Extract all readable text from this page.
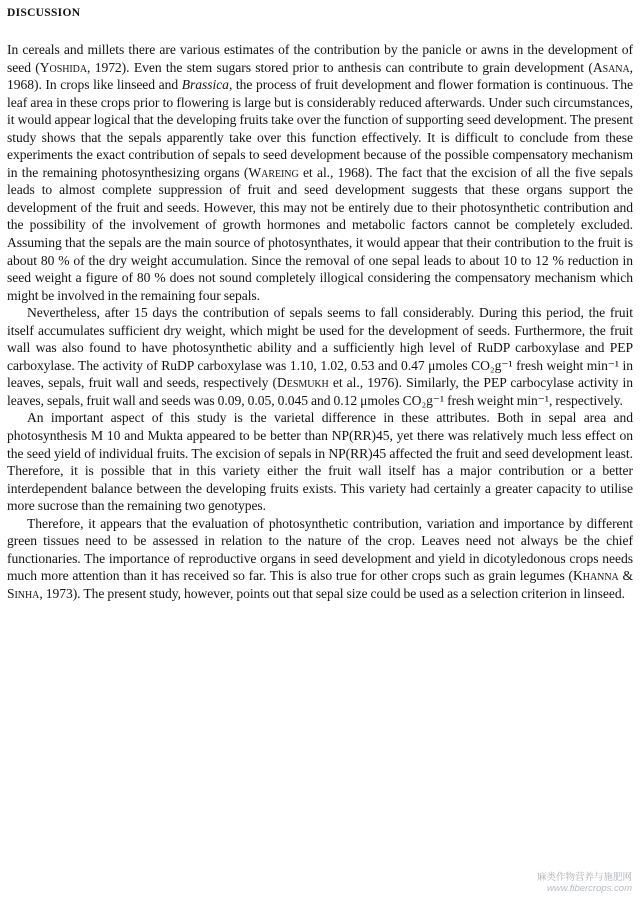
DISCUSSION

In cereals and millets there are various estimates of the contribution by the panicle or awns in the development of seed (Yoshida, 1972). Even the stem sugars stored prior to anthesis can contribute to grain development (Asana, 1968). In crops like linseed and Brassica, the process of fruit development and flower formation is continuous. The leaf area in these crops prior to flowering is large but is considerably reduced afterwards. Under such circumstances, it would appear logical that the developing fruits take over the function of supporting seed development. The present study shows that the sepals apparently take over this function effectively. It is difficult to conclude from these experiments the exact contribution of sepals to seed development because of the possible compensatory mechanism in the remaining photosynthesizing organs (Wareing et al., 1968). The fact that the excision of all the five sepals leads to almost complete suppression of fruit and seed development suggests that these organs support the development of the fruit and seeds. However, this may not be entirely due to their photosynthetic contribution and the possibility of the involvement of growth hormones and metabolic factors cannot be completely excluded. Assuming that the sepals are the main source of photosynthates, it would appear that their contribution to the fruit is about 80 % of the dry weight accumulation. Since the removal of one sepal leads to about 10 to 12 % reduction in seed weight a figure of 80 % does not sound completely illogical considering the compensatory mechanism which might be involved in the remaining four sepals.

Nevertheless, after 15 days the contribution of sepals seems to fall considerably. During this period, the fruit itself accumulates sufficient dry weight, which might be used for the development of seeds. Furthermore, the fruit wall was also found to have photosynthetic ability and a sufficiently high level of RuDP carboxylase and PEP carboxylase. The activity of RuDP carboxylase was 1.10, 1.02, 0.53 and 0.47 μmoles CO₂g⁻¹ fresh weight min⁻¹ in leaves, sepals, fruit wall and seeds, respectively (Desmukh et al., 1976). Similarly, the PEP carbocylase activity in leaves, sepals, fruit wall and seeds was 0.09, 0.05, 0.045 and 0.12 μmoles CO₂g⁻¹ fresh weight min⁻¹, respectively.

An important aspect of this study is the varietal difference in these attributes. Both in sepal area and photosynthesis M 10 and Mukta appeared to be better than NP(RR)45, yet there was relatively much less effect on the seed yield of individual fruits. The excision of sepals in NP(RR)45 affected the fruit and seed development least. Therefore, it is possible that in this variety either the fruit wall itself has a major contribution or a better interdependent balance between the developing fruits exists. This variety had certainly a greater capacity to utilise more sucrose than the remaining two genotypes.

Therefore, it appears that the evaluation of photosynthetic contribution, variation and importance by different green tissues need to be assessed in relation to the nature of the crop. Leaves need not always be the chief functionaries. The importance of reproductive organs in seed development and yield in dicotyledonous crops needs much more attention than it has received so far. This is also true for other crops such as grain legumes (Khanna & Sinha, 1973). The present study, however, points out that sepal size could be used as a selection criterion in linseed.

麻类作物营养与施肥网
www.fibercrops.com
